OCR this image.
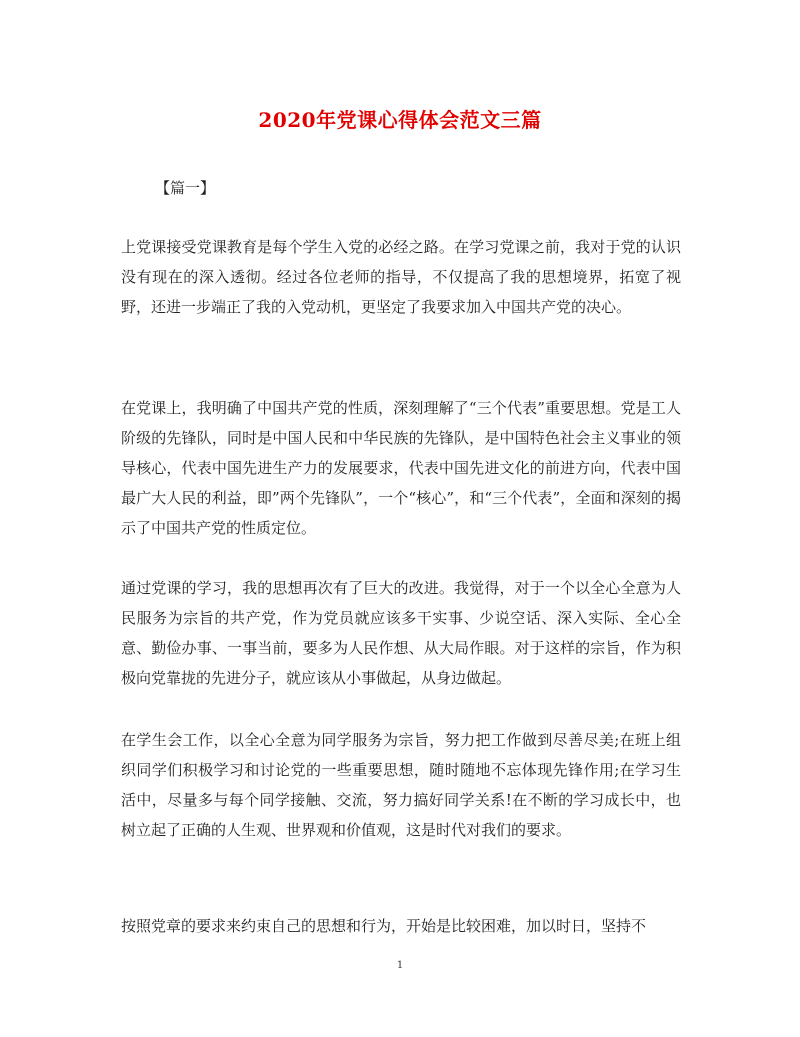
2020年党课心得体会范文三篇
【篇一】

上党课接受党课教育是每个学生入党的必经之路。在学习党课之前，我对于党的认识没有现在的深入透彻。经过各位老师的指导，不仅提高了我的思想境界，拓宽了视野，还进一步端正了我的入党动机，更坚定了我要求加入中国共产党的决心。

在党课上，我明确了中国共产党的性质，深刻理解了“三个代表”重要思想。党是工人阶级的先锋队，同时是中国人民和中华民族的先锋队，是中国特色社会主义事业的领导核心，代表中国先进生产力的发展要求，代表中国先进文化的前进方向，代表中国最广大人民的利益，即”两个先锋队”，一个“核心”，和“三个代表”，全面和深刻的揭示了中国共产党的性质定位。

通过党课的学习，我的思想再次有了巨大的改进。我觉得，对于一个以全心全意为人民服务为宗旨的共产党，作为党员就应该多干实事、少说空话、深入实际、全心全意、勤俭办事、一事当前，要多为人民作想、从大局作眼。对于这样的宗旨，作为积极向党靠拢的先进分子，就应该从小事做起，从身边做起。

在学生会工作，以全心全意为同学服务为宗旨，努力把工作做到尽善尽美;在班上组织同学们积极学习和讨论党的一些重要思想，随时随地不忘体现先锋作用;在学习生活中，尽量多与每个同学接触、交流，努力搞好同学关系!在不断的学习成长中，也树立起了正确的人生观、世界观和价值观，这是时代对我们的要求。

按照党章的要求来约束自己的思想和行为，开始是比较困难，加以时日，坚持不

1
